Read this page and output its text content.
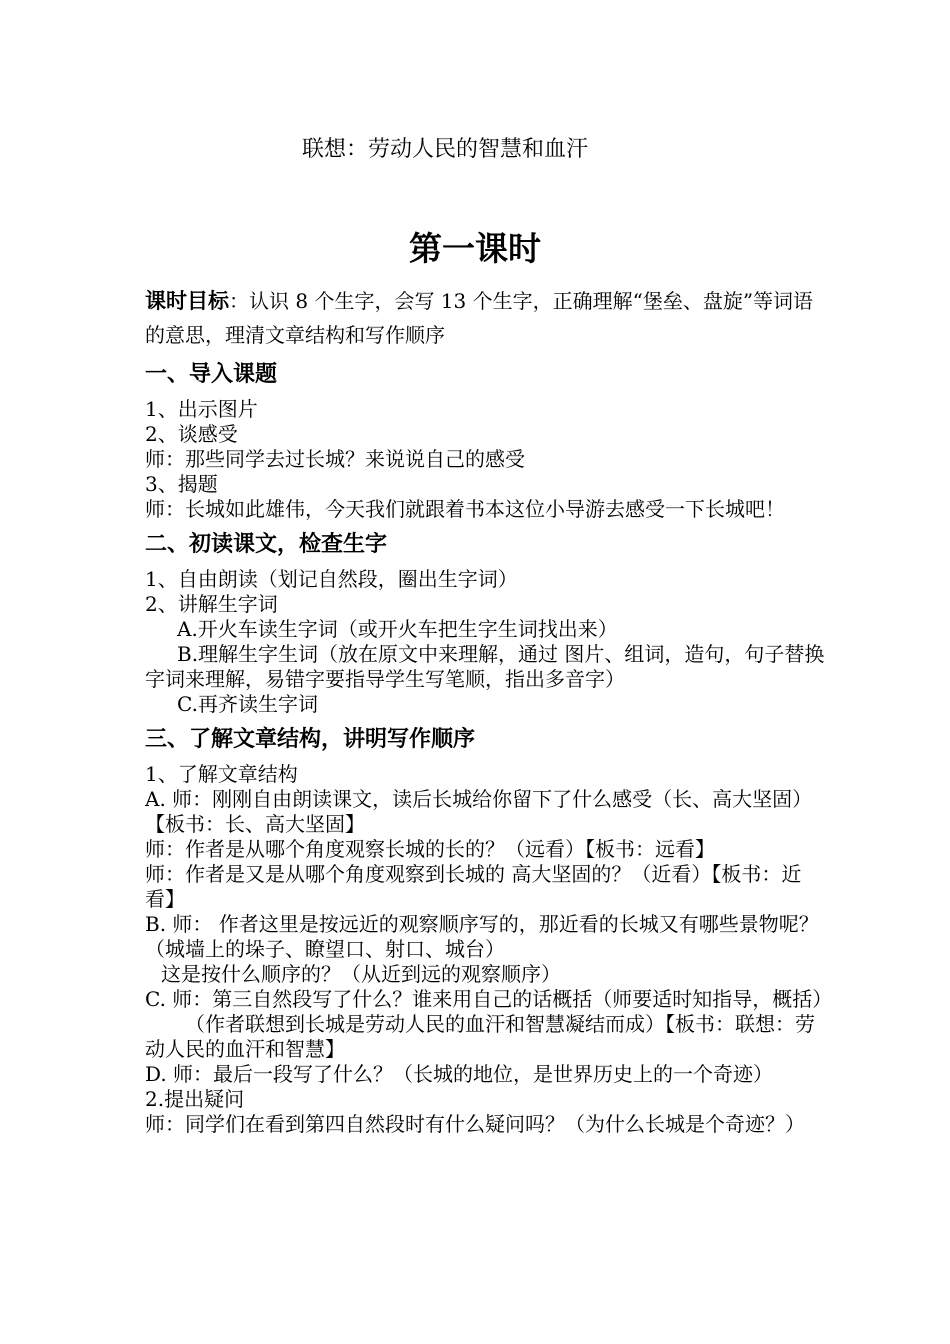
联想：劳动人民的智慧和血汗
第一课时

课时目标：认识 8 个生字，会写 13 个生字，正确理解“堡垒、盘旋”等词语的意思，理清文章结构和写作顺序

一、导入课题

1、出示图片

2、谈感受

师：那些同学去过长城？来说说自己的感受

3、揭题

师：长城如此雄伟，今天我们就跟着书本这位小导游去感受一下长城吧！

二、初读课文，检查生字

1、自由朗读（划记自然段，圈出生字词）

2、讲解生字词

A.开火车读生字词（或开火车把生字生词找出来）

B.理解生字生词（放在原文中来理解，通过 图片、组词，造句，句子替换字词来理解，易错字要指导学生写笔顺，指出多音字）

C.再齐读生字词

三、了解文章结构，讲明写作顺序

1、了解文章结构

A. 师：刚刚自由朗读课文，读后长城给你留下了什么感受（长、高大坚固）【板书：长、高大坚固】

师：作者是从哪个角度观察长城的长的？（远看）【板书：远看】

师：作者是又是从哪个角度观察到长城的 高大坚固的？（近看）【板书：近看】

B. 师： 作者这里是按远近的观察顺序写的，那近看的长城又有哪些景物呢？（城墙上的垛子、瞭望口、射口、城台）

这是按什么顺序的？（从近到远的观察顺序）

C. 师：第三自然段写了什么？谁来用自己的话概括（师要适时知指导，概括）

（作者联想到长城是劳动人民的血汗和智慧凝结而成）【板书：联想：劳动人民的血汗和智慧】

D. 师：最后一段写了什么？（长城的地位，是世界历史上的一个奇迹）

2.提出疑问

师：同学们在看到第四自然段时有什么疑问吗？（为什么长城是个奇迹？）
